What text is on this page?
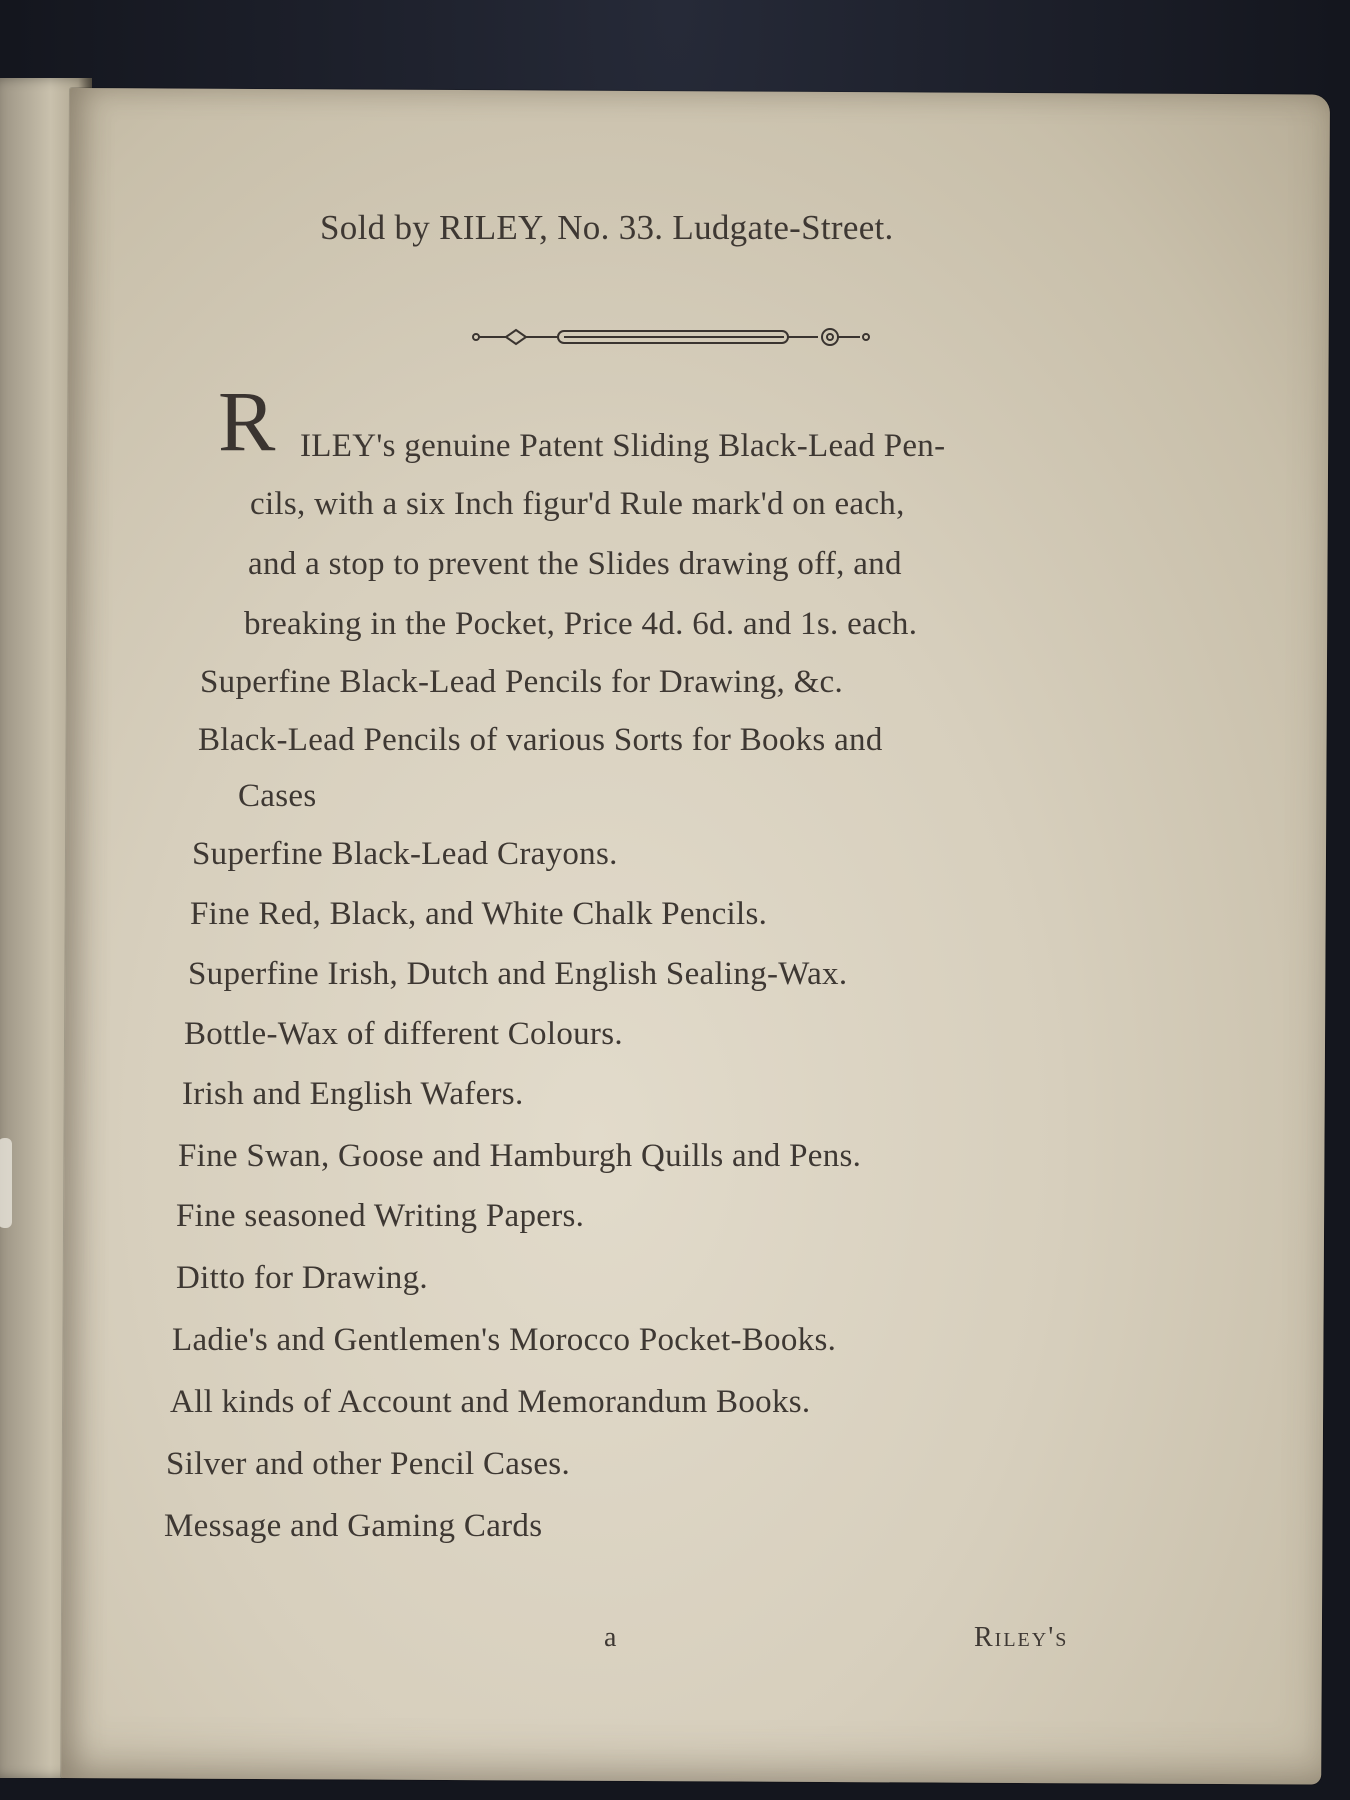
Sold by RILEY, No. 33. Ludgate-Street.
R ILEY's genuine Patent Sliding Black-Lead Pen-
cils, with a six Inch figur'd Rule mark'd on each,
and a stop to prevent the Slides drawing off, and
breaking in the Pocket, Price 4d. 6d. and 1s. each.
Superfine Black-Lead Pencils for Drawing, &c.
Black-Lead Pencils of various Sorts for Books and
Cases
Superfine Black-Lead Crayons.
Fine Red, Black, and White Chalk Pencils.
Superfine Irish, Dutch and English Sealing-Wax.
Bottle-Wax of different Colours.
Irish and English Wafers.
Fine Swan, Goose and Hamburgh Quills and Pens.
Fine seasoned Writing Papers.
Ditto for Drawing.
Ladie's and Gentlemen's Morocco Pocket-Books.
All kinds of Account and Memorandum Books.
Silver and other Pencil Cases.
Message and Gaming Cards
a	Riley's
